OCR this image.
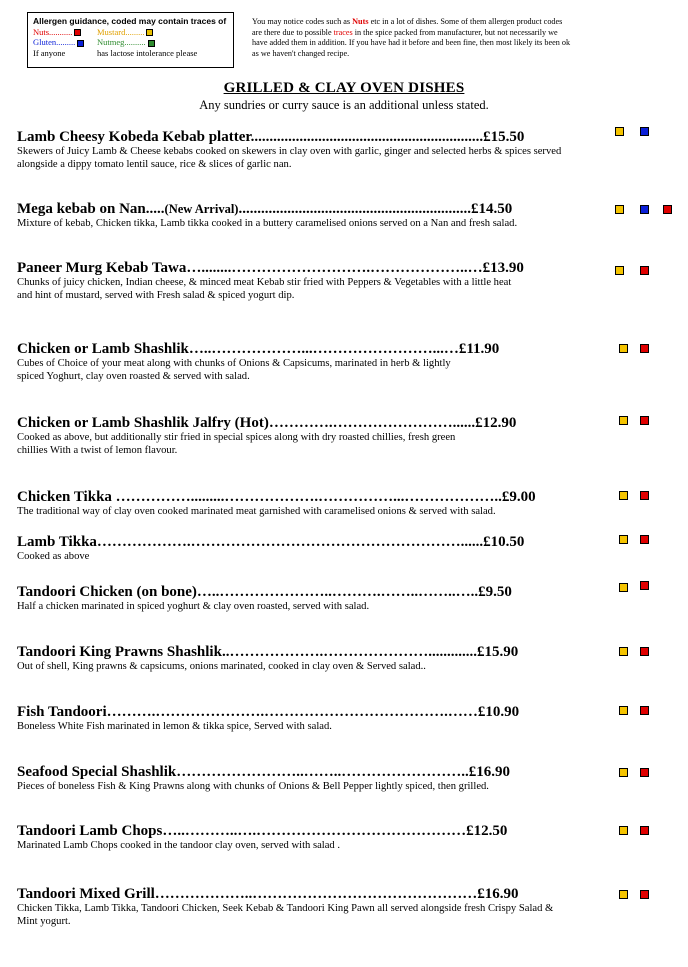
Allergen guidance, coded may contain traces of
Nuts...........	Mustard.........
Gluten.........	Nutmeg..........
If anyone	has lactose intolerance please
You may notice codes such as Nuts etc in a lot of dishes. Some of them allergen product codes
are there due to possible traces in the spice packed from manufacturer, but not necessarily we
have added them in addition. If you have had it before and been fine, then most likely its been ok
as we haven't changed recipe.
GRILLED & CLAY OVEN DISHES
Any sundries or curry sauce is an additional unless stated.
Lamb Cheesy Kobeda Kebab platter..............................................................£15.50
Skewers of Juicy Lamb & Cheese kebabs cooked on skewers in clay oven with garlic, ginger and selected herbs & spices served
alongside a dippy tomato lentil sauce, rice & slices of garlic nan.
Mega kebab on Nan.....(New Arrival)..............................................................£14.50
Mixture of kebab, Chicken tikka, Lamb tikka cooked in a buttery caramelised onions served on a Nan and fresh salad.
Paneer Murg Kebab Tawa…........……………………….………………..…£13.90
Chunks of juicy chicken, Indian cheese, & minced meat Kebab stir fried with Peppers & Vegetables with a little heat
and hint of mustard, served with Fresh salad & spiced yogurt dip.
Chicken or Lamb Shashlik…..………………...……………………...…£11.90
Cubes of Choice of your meat along with chunks of Onions & Capsicums, marinated in herb & lightly
spiced Yoghurt, clay oven roasted & served with salad.
Chicken or Lamb Shashlik Jalfry (Hot)………….……………………......£12.90
Cooked as above, but additionally stir fried in special spices along with dry roasted chillies, fresh green
chillies With a twist of lemon flavour.
Chicken Tikka …………….........……………….……………...………………..£9.00
The traditional way of clay oven cooked marinated meat garnished with caramelised onions & served with salad.
Lamb Tikka……………….………………………………………………......£10.50
Cooked as above
Tandoori Chicken (on bone)…..…………………..……….……..……..…..£9.50
Half a chicken marinated in spiced yoghurt & clay oven roasted, served with salad.
Tandoori King Prawns Shashlik..……………….………………….............£15.90
Out of shell, King prawns & capsicums, onions marinated, cooked in clay oven & Served salad..
Fish Tandoori……….………………….……………………………….……£10.90
Boneless White Fish marinated in lemon & tikka spice, Served with salad.
Seafood Special Shashlik……………………..……..……………………..£16.90
Pieces of boneless Fish & King Prawns along with chunks of Onions & Bell Pepper lightly spiced, then grilled.
Tandoori Lamb Chops…..………..….……………………………………£12.50
Marinated Lamb Chops cooked in the tandoor clay oven, served with salad .
Tandoori Mixed Grill………………..………………………………………£16.90
Chicken Tikka, Lamb Tikka, Tandoori Chicken, Seek Kebab & Tandoori King Pawn all served alongside fresh Crispy Salad &
Mint yogurt.
